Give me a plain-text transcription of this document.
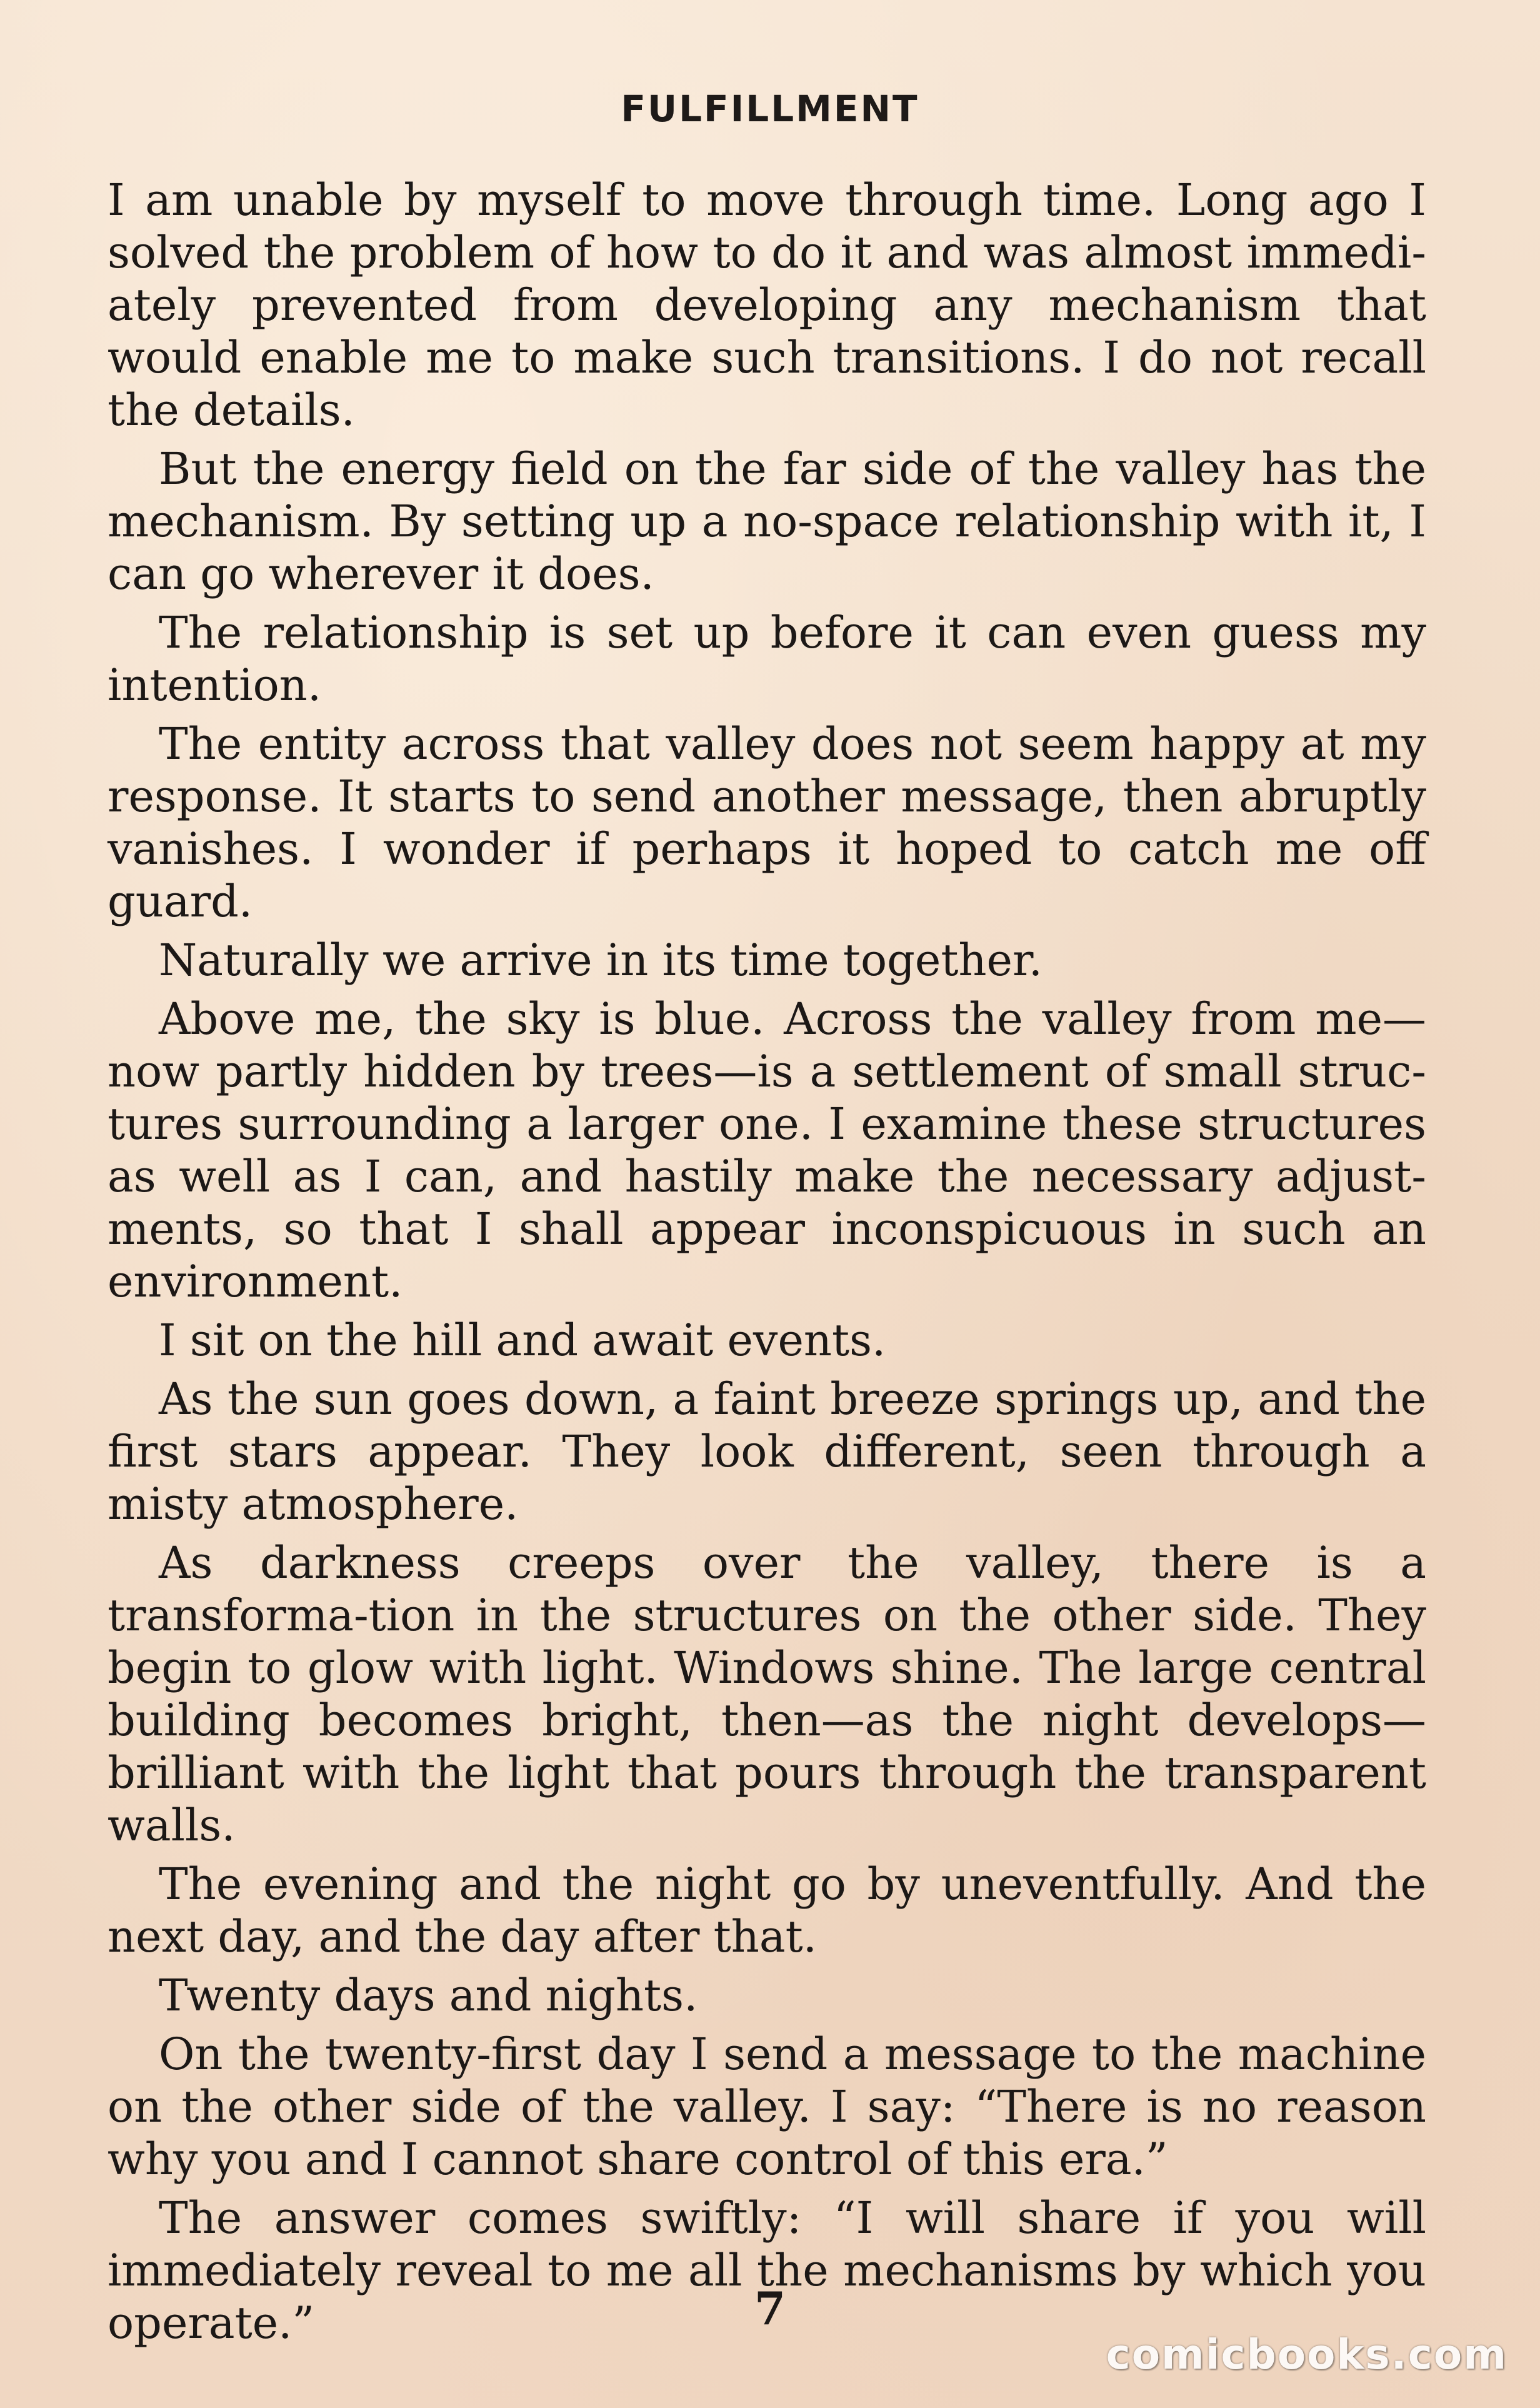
FULFILLMENT

I am unable by myself to move through time. Long ago I solved the problem of how to do it and was almost immedi-ately prevented from developing any mechanism that would enable me to make such transitions. I do not recall the details.

But the energy field on the far side of the valley has the mechanism. By setting up a no-space relationship with it, I can go wherever it does.

The relationship is set up before it can even guess my intention.

The entity across that valley does not seem happy at my response. It starts to send another message, then abruptly vanishes. I wonder if perhaps it hoped to catch me off guard.

Naturally we arrive in its time together.

Above me, the sky is blue. Across the valley from me—now partly hidden by trees—is a settlement of small struc-tures surrounding a larger one. I examine these structures as well as I can, and hastily make the necessary adjust-ments, so that I shall appear inconspicuous in such an environment.

I sit on the hill and await events.

As the sun goes down, a faint breeze springs up, and the first stars appear. They look different, seen through a misty atmosphere.

As darkness creeps over the valley, there is a transforma-tion in the structures on the other side. They begin to glow with light. Windows shine. The large central building becomes bright, then—as the night develops—brilliant with the light that pours through the transparent walls.

The evening and the night go by uneventfully. And the next day, and the day after that.

Twenty days and nights.

On the twenty-first day I send a message to the machine on the other side of the valley. I say: “There is no reason why you and I cannot share control of this era.”

The answer comes swiftly: “I will share if you will immediately reveal to me all the mechanisms by which you operate.”	7
comicbooks.com
